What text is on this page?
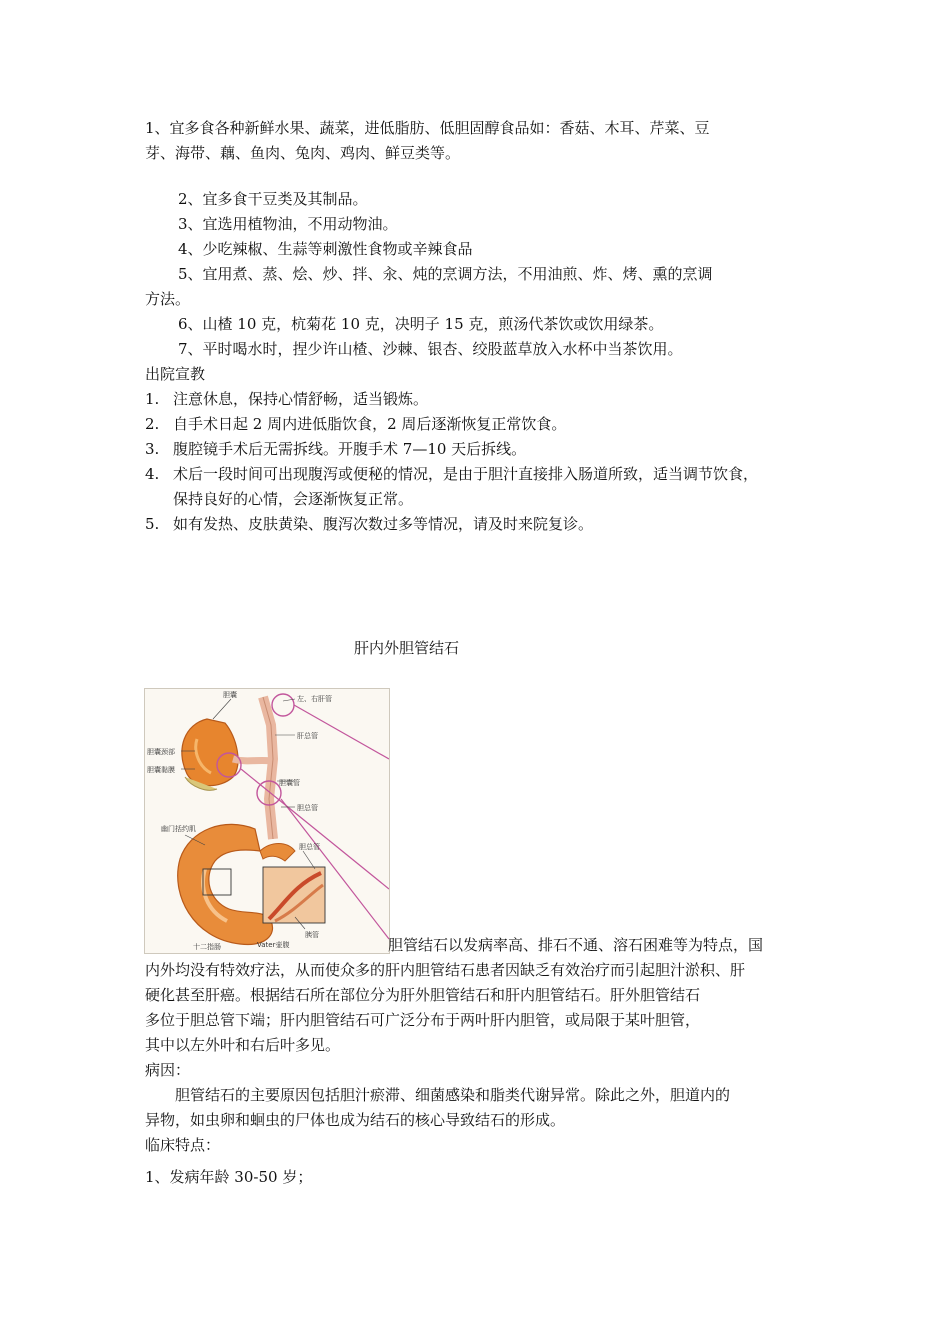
1、宜多食各种新鲜水果、蔬菜，进低脂肪、低胆固醇食品如：香菇、木耳、芹菜、豆
芽、海带、藕、鱼肉、兔肉、鸡肉、鲜豆类等。
2、宜多食干豆类及其制品。
3、宜选用植物油，不用动物油。
4、少吃辣椒、生蒜等刺激性食物或辛辣食品
5、宜用煮、蒸、烩、炒、拌、汆、炖的烹调方法，不用油煎、炸、烤、熏的烹调
方法。
6、山楂 10 克，杭菊花 10 克，决明子 15 克，煎汤代茶饮或饮用绿茶。
7、平时喝水时，捏少许山楂、沙棘、银杏、绞股蓝草放入水杯中当茶饮用。
出院宣教
1. 注意休息，保持心情舒畅，适当锻炼。
2. 自手术日起 2 周内进低脂饮食，2 周后逐渐恢复正常饮食。
3. 腹腔镜手术后无需拆线。开腹手术 7—10 天后拆线。
4. 术后一段时间可出现腹泻或便秘的情况，是由于胆汁直接排入肠道所致，适当调节饮食，
保持良好的心情，会逐渐恢复正常。
5. 如有发热、皮肤黄染、腹泻次数过多等情况，请及时来院复诊。
肝内外胆管结石
胆囊	左、右肝管
肝总管
胆囊颈部
胆囊黏膜
胆囊管
胆总管
幽门括约肌
胆总管
胰管
十二指肠	Vater壶腹	胆管结石以发病率高、排石不通、溶石困难等为特点，国
内外均没有特效疗法，从而使众多的肝内胆管结石患者因缺乏有效治疗而引起胆汁淤积、肝
硬化甚至肝癌。根据结石所在部位分为肝外胆管结石和肝内胆管结石。肝外胆管结石
多位于胆总管下端；肝内胆管结石可广泛分布于两叶肝内胆管，或局限于某叶胆管，
其中以左外叶和右后叶多见。
病因：
胆管结石的主要原因包括胆汁瘀滞、细菌感染和脂类代谢异常。除此之外，胆道内的
异物，如虫卵和蛔虫的尸体也成为结石的核心导致结石的形成。
临床特点：
1、发病年龄 30-50 岁；
